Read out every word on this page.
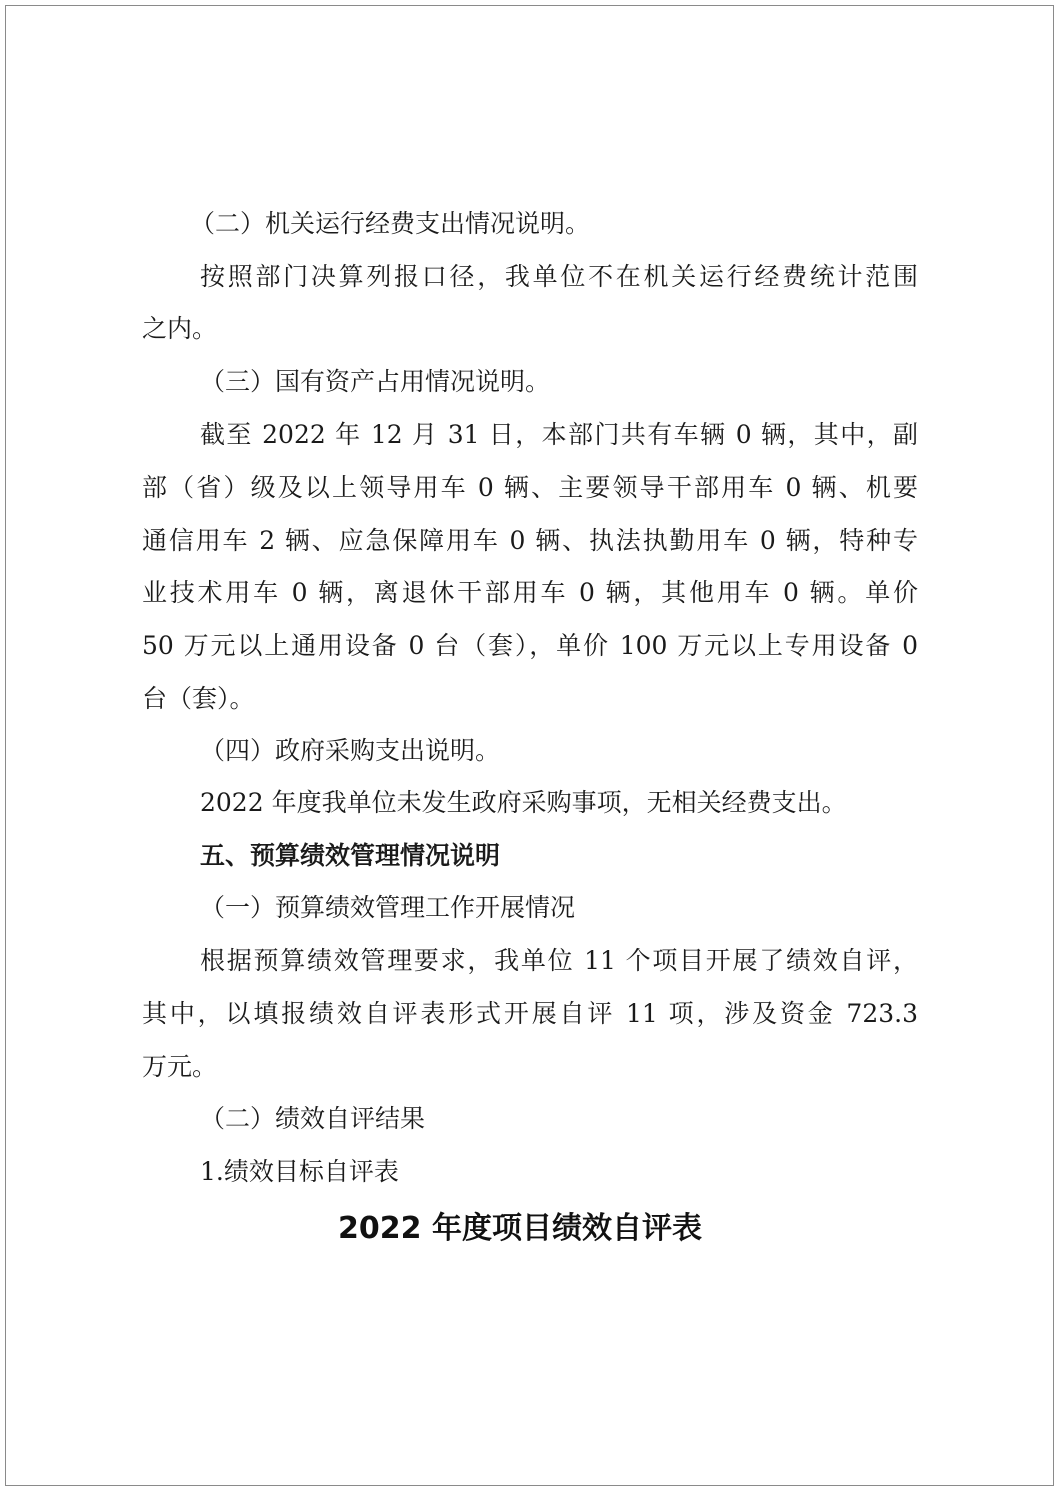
（二）机关运行经费支出情况说明。
按照部门决算列报口径，我单位不在机关运行经费统计范围
之内。
（三）国有资产占用情况说明。
截至 2022 年 12 月 31 日，本部门共有车辆 0 辆，其中，副
部（省）级及以上领导用车 0 辆、主要领导干部用车 0 辆、机要
通信用车 2 辆、应急保障用车 0 辆、执法执勤用车 0 辆，特种专
业技术用车 0 辆，离退休干部用车 0 辆，其他用车 0 辆。单价
50 万元以上通用设备 0 台（套），单价 100 万元以上专用设备 0
台（套）。
（四）政府采购支出说明。
2022 年度我单位未发生政府采购事项，无相关经费支出。
五、预算绩效管理情况说明
（一）预算绩效管理工作开展情况
根据预算绩效管理要求，我单位 11 个项目开展了绩效自评，
其中，以填报绩效自评表形式开展自评 11 项，涉及资金 723.3
万元。
（二）绩效自评结果
1.绩效目标自评表
2022 年度项目绩效自评表
